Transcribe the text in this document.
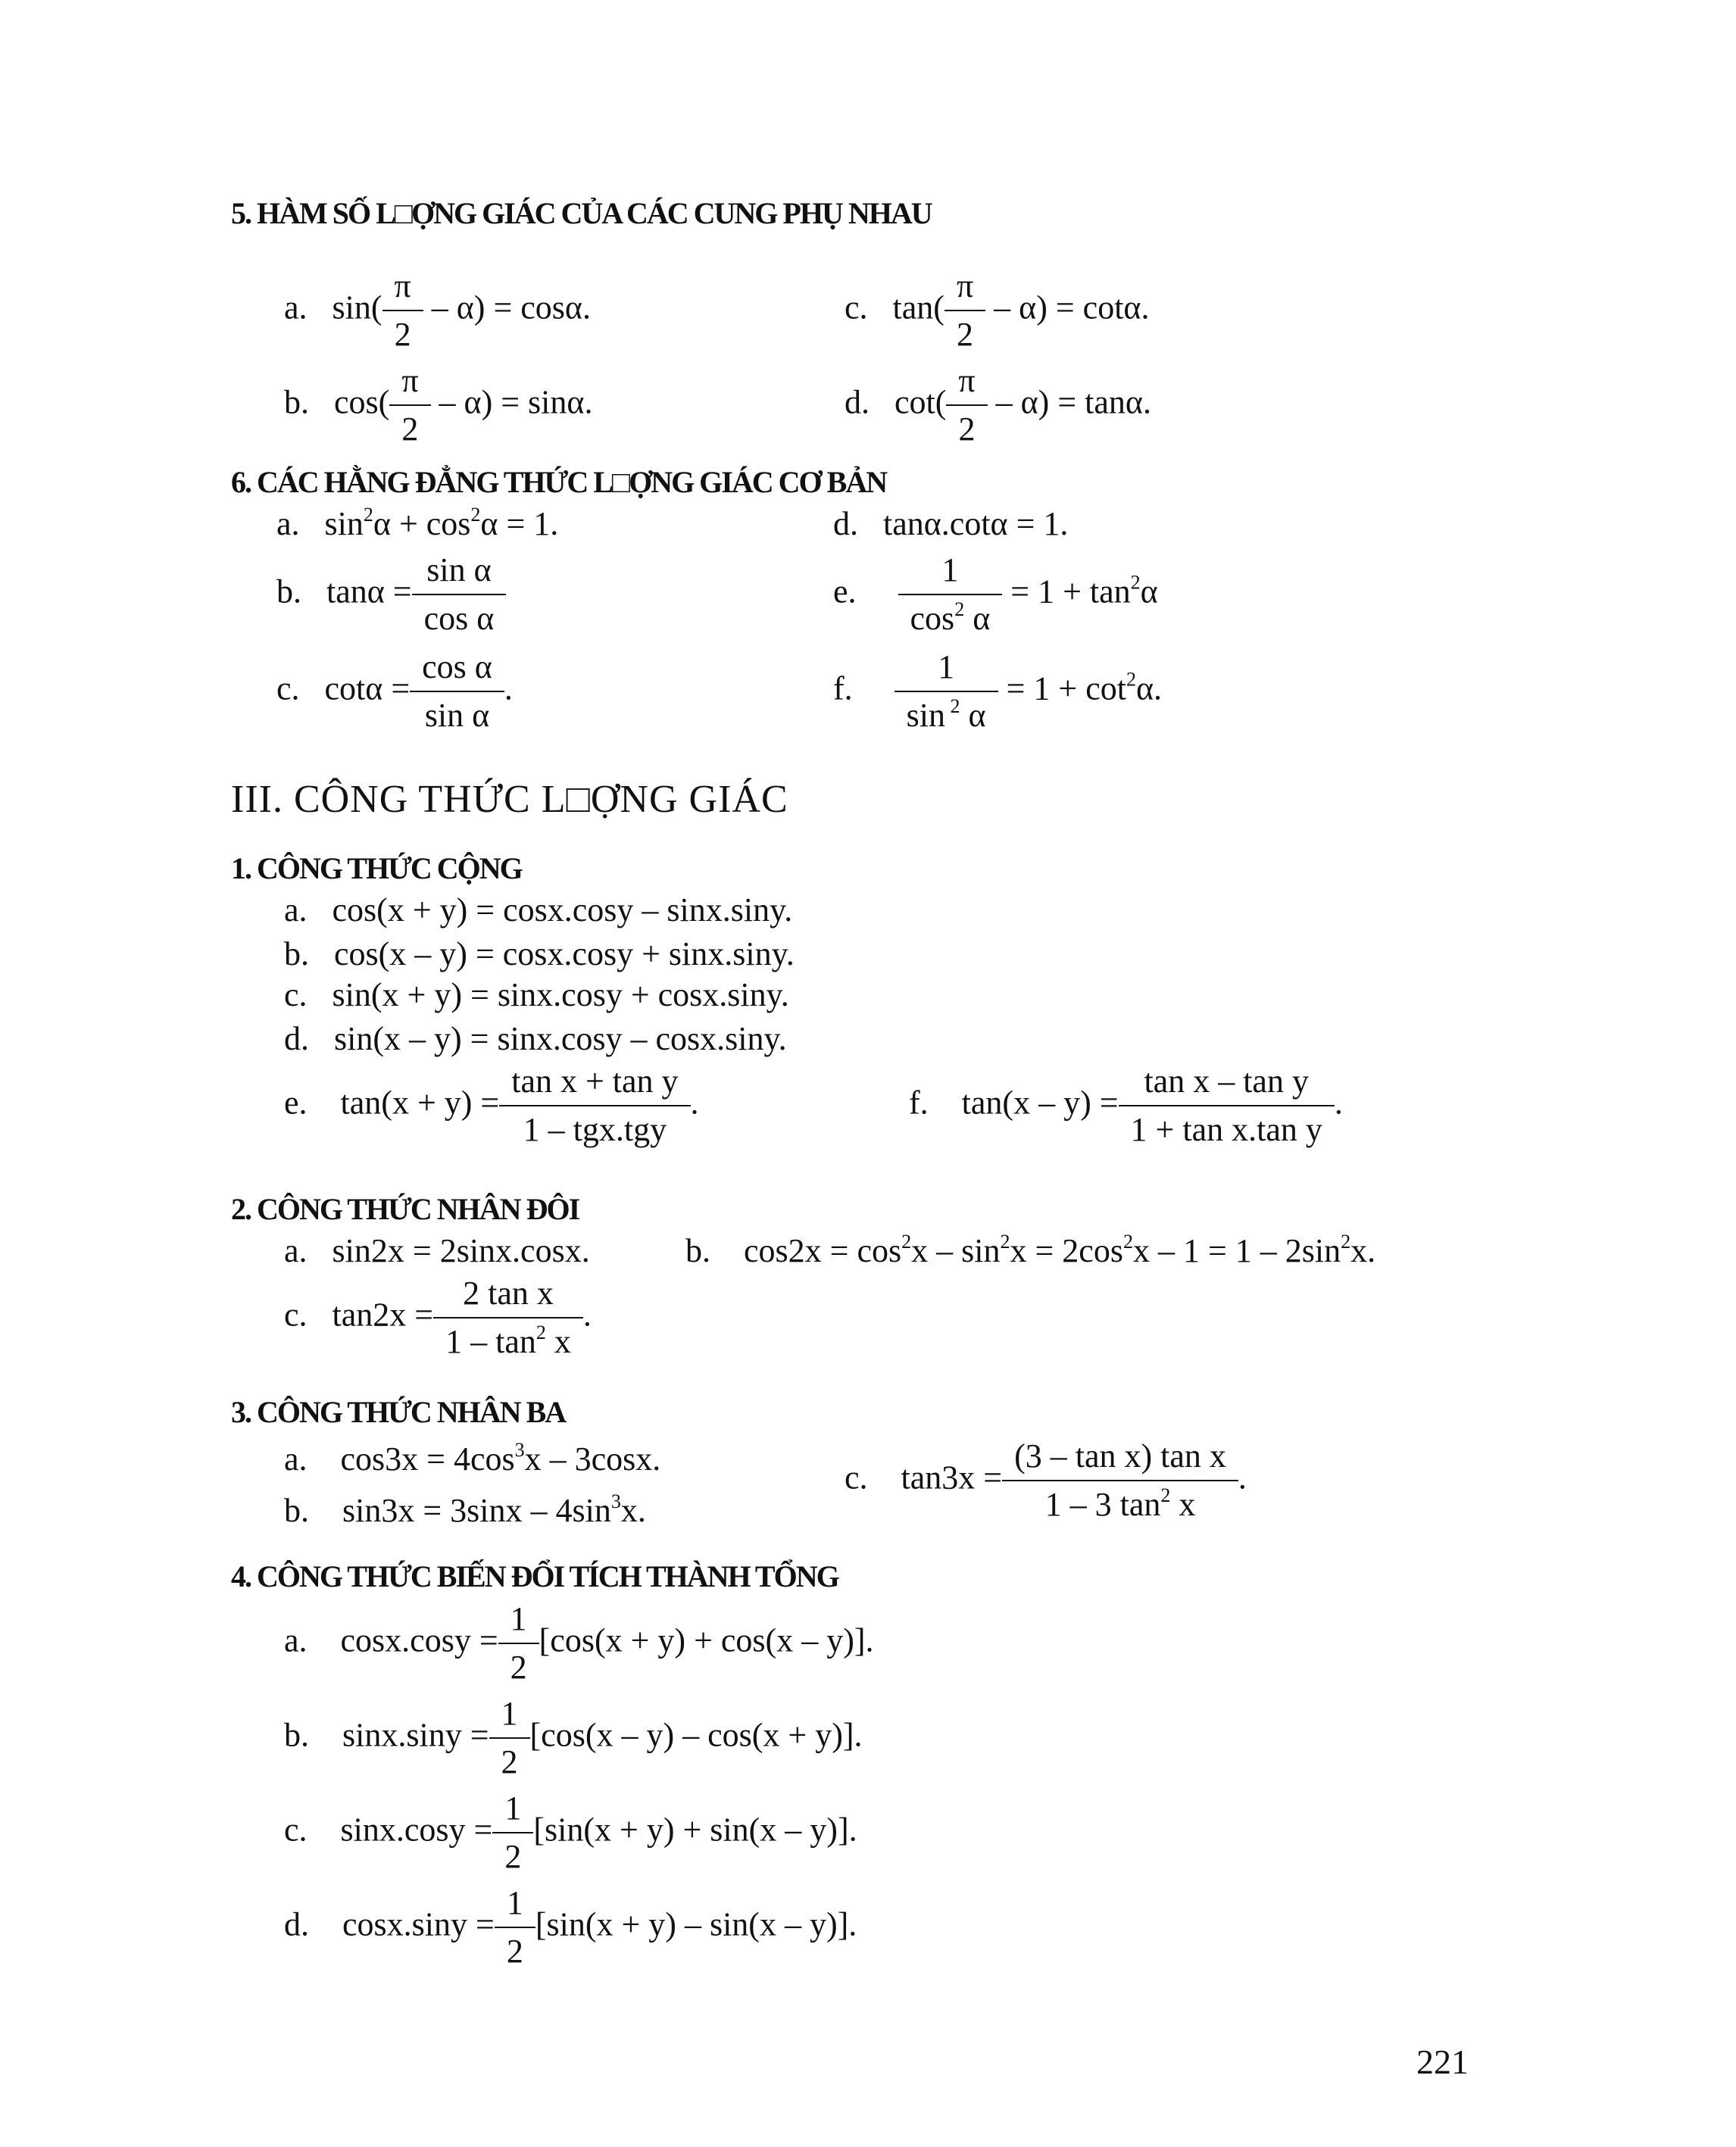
5. HÀM SỐ L□ỢNG GIÁC CỦA CÁC CUNG PHỤ NHAU
a. $\sin( \frac{\pi}{2} - \alpha) = \cos\alpha$.	c. $\tan( \frac{\pi}{2} - \alpha) = \cot\alpha$.
b. $\cos( \frac{\pi}{2} - \alpha) = \sin\alpha$.	d. $\cot( \frac{\pi}{2} - \alpha) = \tan\alpha$.
6. CÁC HẰNG ĐẲNG THỨC L□ỢNG GIÁC CƠ BẢN
a. $\sin^2\alpha + \cos^2\alpha = 1$.	d. tanα.cotα = 1.
b. $\tan\alpha = \frac{\text{sin α}}{\text{cos α}}$	e. $\frac{1}{\cos^2 \alpha} = 1 + \tan^2\alpha$
c. $\cot\alpha = \frac{\text{cos α}}{\text{sin α}}$ .	f. $\frac{1}{\sin ^2 \alpha} = 1 + \cot^2\alpha$.
III. CÔNG THỨC L□ỢNG GIÁC
1. CÔNG THỨC CỘNG
a. cos(x + y) = cosx.cosy – sinx.siny.
b. cos(x – y) = cosx.cosy + sinx.siny.
c. sin(x + y) = sinx.cosy + cosx.siny.
d. sin(x – y) = sinx.cosy – cosx.siny.
e. $\tan(x + y) = \frac{\text{tan x + tan y}}{\text{1 – tgx.tgy}}$ .	f. $\tan(x - y) = \frac{\text{tan x – tan y}}{\text{1 + tan x.tan y}}$ .
2. CÔNG THỨC NHÂN ĐÔI
a. sin2x = 2sinx.cosx.	b. $\cos 2x = \cos^2x - \sin^2x = 2\cos^2x - 1 = 1 - 2\sin^2x$.
c. $\tan 2x = \frac{\text{2 tan x}}{1 - \tan^2 x}$ .
3. CÔNG THỨC NHÂN BA
a. $\cos 3x = 4\cos^3x - 3\cos x$.
b. $\sin 3x = 3\sin x - 4\sin^3x$.
c. $\tan 3x = \frac{\text{(3 – tan x) tan x}}{1 - 3 \tan^2 x}$ .
4. CÔNG THỨC BIẾN ĐỔI TÍCH THÀNH TỔNG
a. $\cos x.\cos y = \frac{1}{2} [\cos(x + y) + \cos(x - y)]$.
b. $\sin x.\sin y = \frac{1}{2} [\cos(x - y) - \cos(x + y)]$.
c. $\sin x.\cos y = \frac{1}{2} [\sin(x + y) + \sin(x - y)]$.
d. $\cos x.\sin y = \frac{1}{2} [\sin(x + y) - \sin(x - y)]$.
221
